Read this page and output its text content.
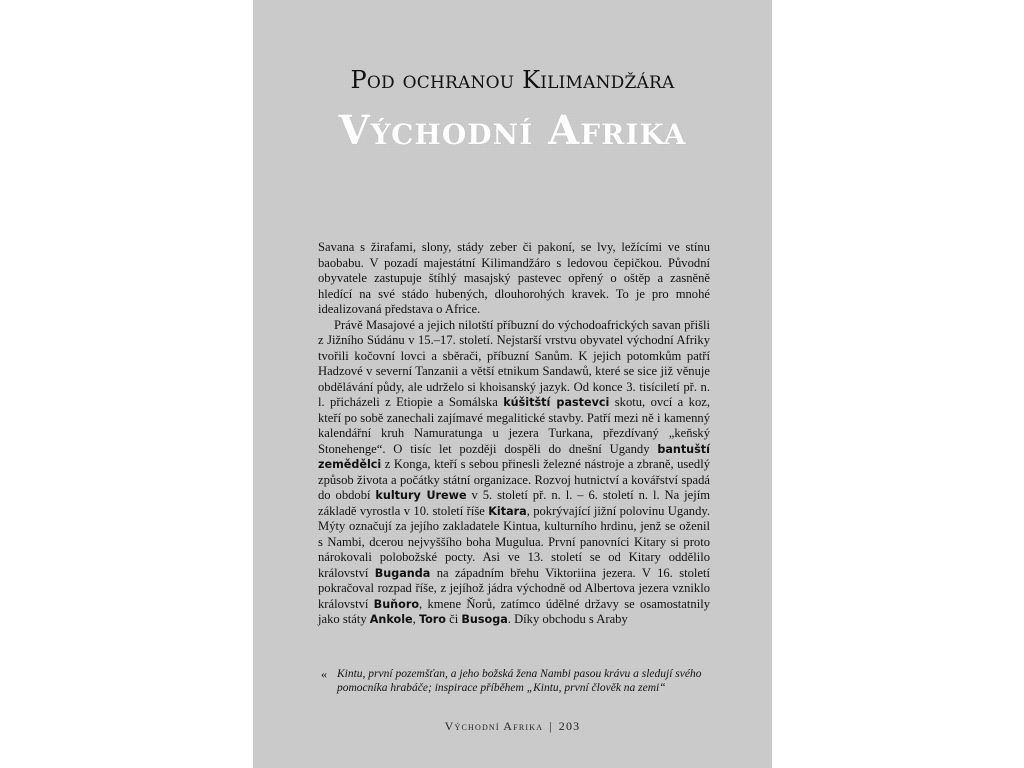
Pod ochranou Kilimandžára
Východní Afrika

Savana s žirafami, slony, stády zeber či pakoní, se lvy, ležícími ve stínu baobabu. V pozadí majestátní Kilimandžáro s ledovou čepičkou. Původní obyvatele zastupuje štíhlý masajský pastevec opřený o oštěp a zasněně hledící na své stádo hubených, dlouhorohých kravek. To je pro mnohé idealizovaná představa o Africe.

Právě Masajové a jejich nilotští příbuzní do východoafrických savan přišli z Jižního Súdánu v 15.–17. století. Nejstarší vrstvu obyvatel východní Afriky tvořili kočovní lovci a sběrači, příbuzní Sanům. K jejich potomkům patří Hadzové v severní Tanzanii a větší etnikum Sandawů, které se sice již věnuje obdělávání půdy, ale udrželo si khoisanský jazyk. Od konce 3. tisíciletí př. n. l. přicházeli z Etiopie a Somálska kúšitští pastevci skotu, ovcí a koz, kteří po sobě zanechali zajímavé megalitické stavby. Patří mezi ně i kamenný kalendářní kruh Namuratunga u jezera Turkana, přezdívaný „keňský Stonehenge“. O tisíc let později dospěli do dnešní Ugandy bantuští zemědělci z Konga, kteří s sebou přinesli železné nástroje a zbraně, usedlý způsob života a počátky státní organizace. Rozvoj hutnictví a kovářství spadá do období kultury Urewe v 5. století př. n. l. – 6. století n. l. Na jejím základě vyrostla v 10. století říše Kitara, pokrývající jižní polovinu Ugandy. Mýty označují za jejího zakladatele Kintua, kulturního hrdinu, jenž se oženil s Nambi, dcerou nejvyššího boha Mugulua. První panovníci Kitary si proto nárokovali polobožské pocty. Asi ve 13. století se od Kitary oddělilo království Buganda na západním břehu Viktoriina jezera. V 16. století pokračoval rozpad říše, z jejíhož jádra východně od Albertova jezera vzniklo království Buňoro, kmene Ňorů, zatímco údělné državy se osamostatnily jako státy Ankole, Toro či Busoga. Díky obchodu s Araby

« Kintu, první pozemšťan, a jeho božská žena Nambi pasou krávu a sledují svého pomocníka hrabáče; inspirace příběhem „Kintu, první člověk na zemi“
Východní Afrika | 203
